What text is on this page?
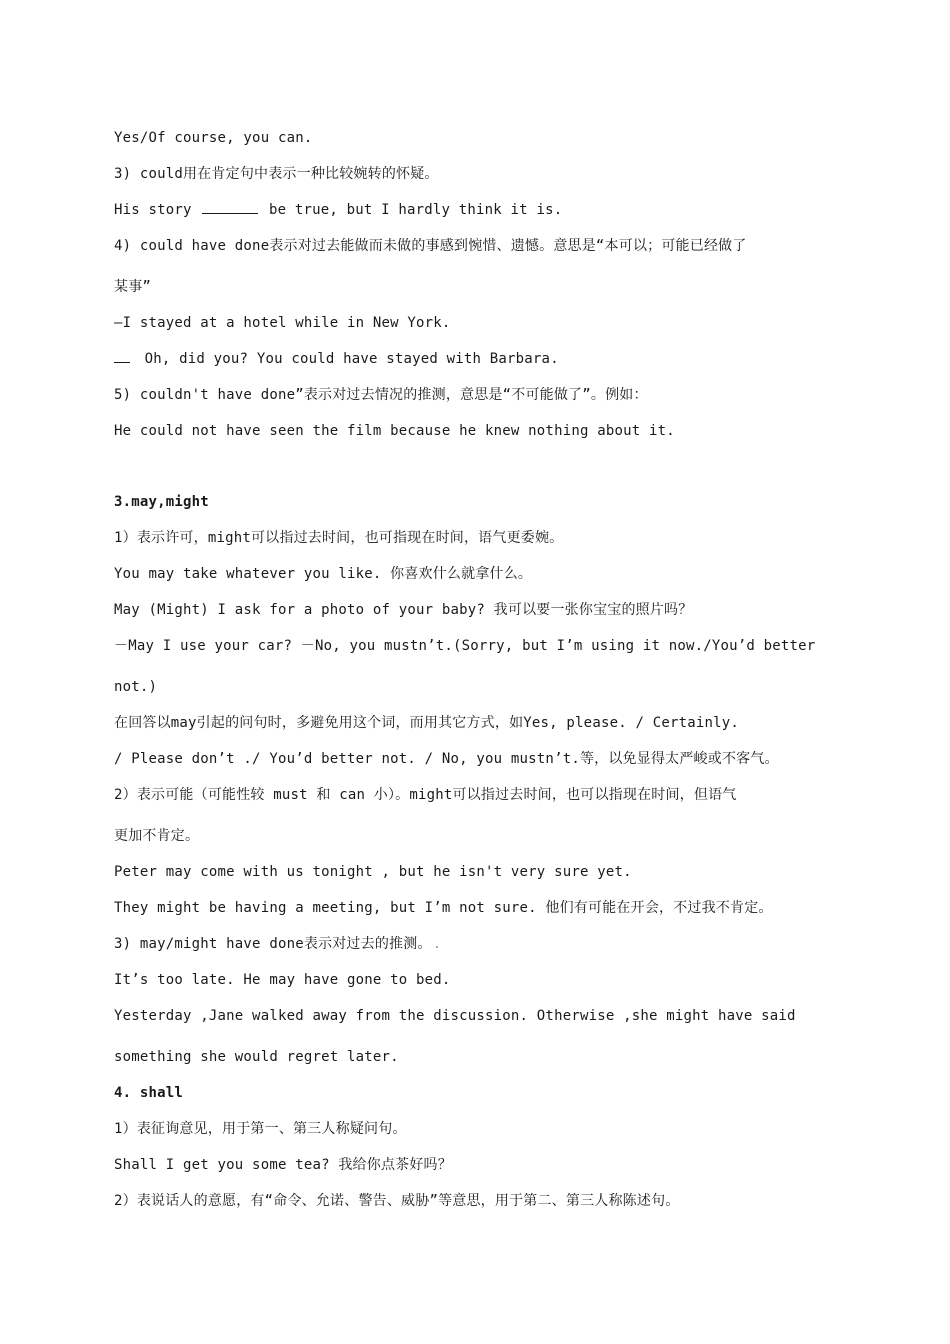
Yes/Of course, you can.
3) could用在肯定句中表示一种比较婉转的怀疑。
His story	be true, but I hardly think it is.
4) could have done表示对过去能做而未做的事感到惋惜、遗憾。意思是“本可以；可能已经做了
某事”
—I stayed at a hotel while in New York.
Oh, did you? You could have stayed with Barbara.
5) couldn't have done”表示对过去情况的推测，意思是“不可能做了”。例如：
He could not have seen the film because he knew nothing about it.
3.may,might
1）表示许可，might可以指过去时间，也可指现在时间，语气更委婉。
You may take whatever you like. 你喜欢什么就拿什么。
May (Might) I ask for a photo of your baby? 我可以要一张你宝宝的照片吗？
－May I use your car? －No, you mustn’t.(Sorry, but I’m using it now./You’d better
not.)
在回答以may引起的问句时，多避免用这个词，而用其它方式，如Yes, please. / Certainly.
/ Please don’t ./ You’d better not. / No, you mustn’t.等，以免显得太严峻或不客气。
2）表示可能（可能性较 must 和 can 小）。might可以指过去时间，也可以指现在时间，但语气
更加不肯定。
Peter may come with us tonight , but he isn't very sure yet.
They might be having a meeting, but I’m not sure. 他们有可能在开会，不过我不肯定。
3) may/might have done表示对过去的推测。
It’s too late. He may have gone to bed.
Yesterday ,Jane walked away from the discussion. Otherwise ,she might have said
something she would regret later.
4. shall
1）表征询意见，用于第一、第三人称疑问句。
Shall I get you some tea? 我给你点茶好吗？
2）表说话人的意愿，有“命令、允诺、警告、威胁”等意思，用于第二、第三人称陈述句。
